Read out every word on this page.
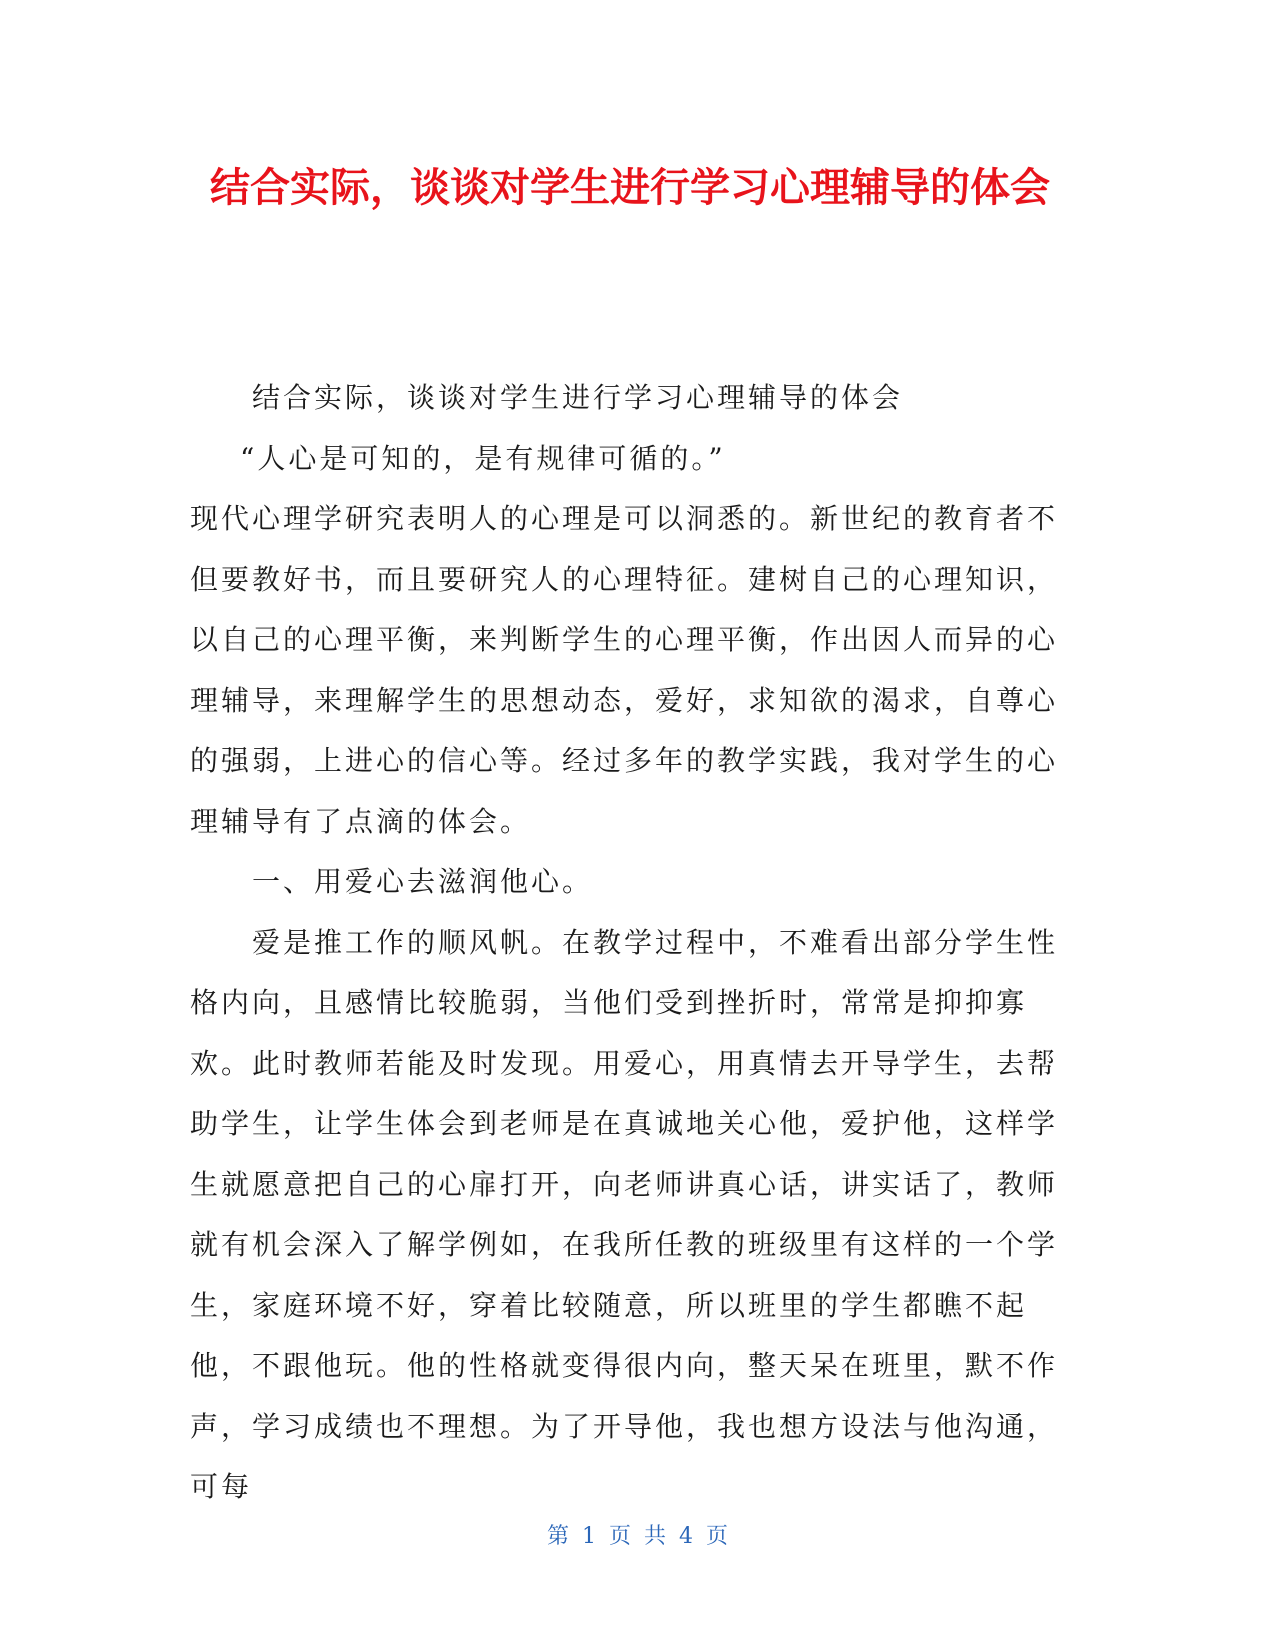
结合实际，谈谈对学生进行学习心理辅导的体会

结合实际，谈谈对学生进行学习心理辅导的体会

“人心是可知的，是有规律可循的。”

现代心理学研究表明人的心理是可以洞悉的。新世纪的教育者不但要教好书，而且要研究人的心理特征。建树自己的心理知识，以自己的心理平衡，来判断学生的心理平衡，作出因人而异的心理辅导，来理解学生的思想动态，爱好，求知欲的渴求，自尊心的强弱，上进心的信心等。经过多年的教学实践，我对学生的心理辅导有了点滴的体会。

一、用爱心去滋润他心。

爱是推工作的顺风帆。在教学过程中，不难看出部分学生性格内向，且感情比较脆弱，当他们受到挫折时，常常是抑抑寡欢。此时教师若能及时发现。用爱心，用真情去开导学生，去帮助学生，让学生体会到老师是在真诚地关心他，爱护他，这样学生就愿意把自己的心扉打开，向老师讲真心话，讲实话了，教师就有机会深入了解学例如，在我所任教的班级里有这样的一个学生，家庭环境不好，穿着比较随意，所以班里的学生都瞧不起他，不跟他玩。他的性格就变得很内向，整天呆在班里，默不作声，学习成绩也不理想。为了开导他，我也想方设法与他沟通，可每

第 1 页 共 4 页
